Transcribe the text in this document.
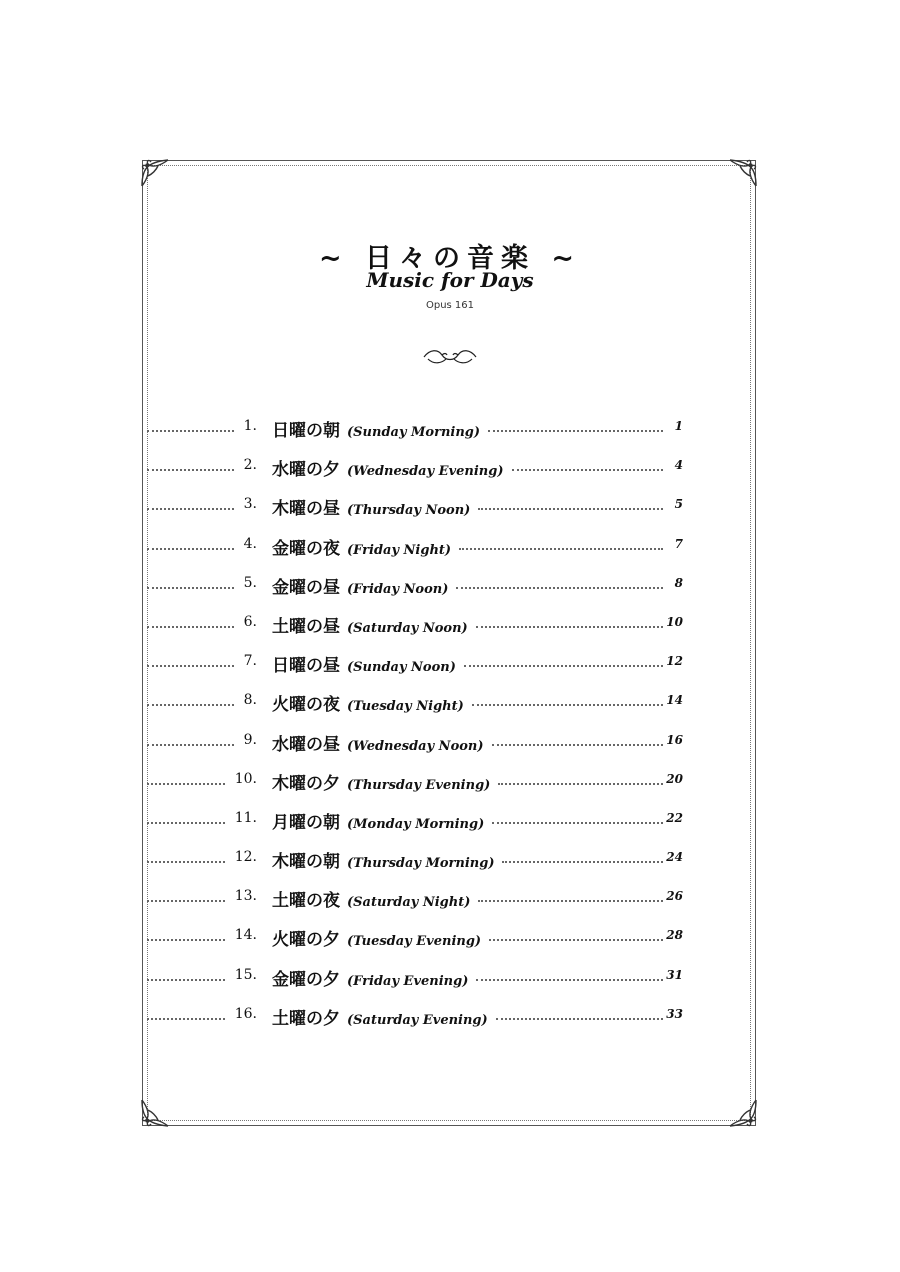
~ 日々の音楽 ~
Music for Days
Opus 161
1. 日曜の朝 (Sunday Morning)	1
2. 水曜の夕 (Wednesday Evening)	4
3. 木曜の昼 (Thursday Noon)	5
4. 金曜の夜 (Friday Night)	7
5. 金曜の昼 (Friday Noon)	8
6. 土曜の昼 (Saturday Noon)	10
7. 日曜の昼 (Sunday Noon)	12
8. 火曜の夜 (Tuesday Night)	14
9. 水曜の昼 (Wednesday Noon)	16
10. 木曜の夕 (Thursday Evening)	20
11. 月曜の朝 (Monday Morning)	22
12. 木曜の朝 (Thursday Morning)	24
13. 土曜の夜 (Saturday Night)	26
14. 火曜の夕 (Tuesday Evening)	28
15. 金曜の夕 (Friday Evening)	31
16. 土曜の夕 (Saturday Evening)	33
